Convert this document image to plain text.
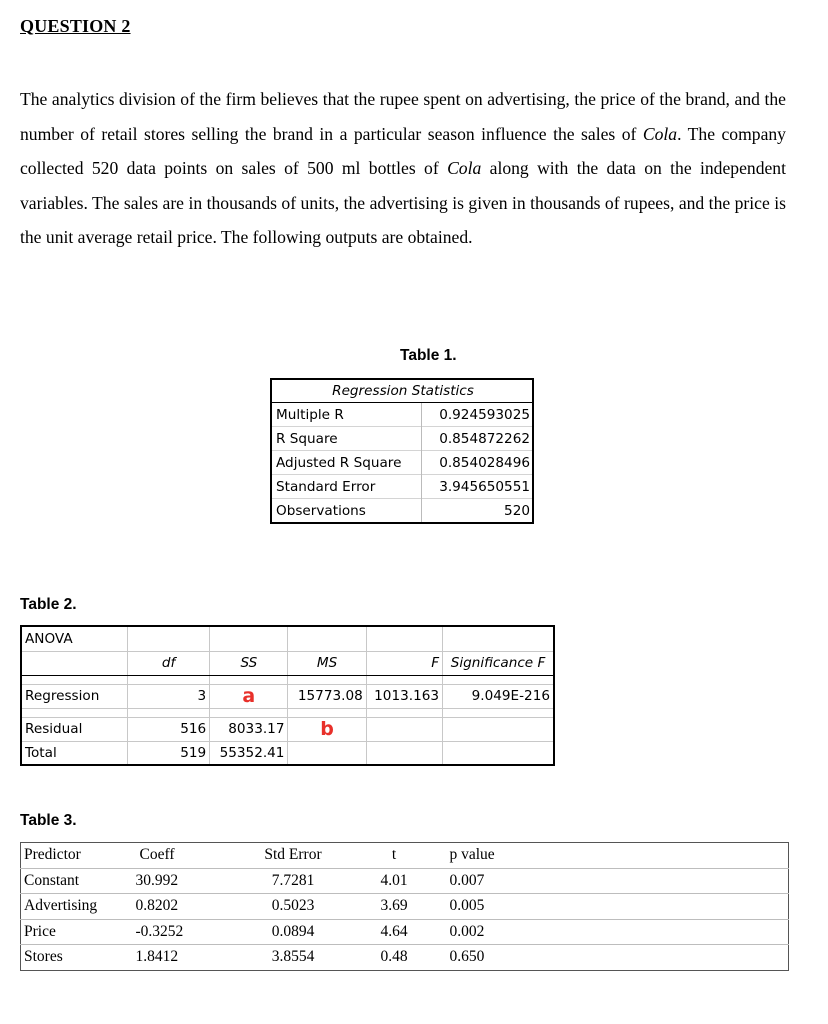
QUESTION 2

The analytics division of the firm believes that the rupee spent on advertising, the price of the brand, and the number of retail stores selling the brand in a particular season influence the sales of Cola. The company collected 520 data points on sales of 500 ml bottles of Cola along with the data on the independent variables. The sales are in thousands of units, the advertising is given in thousands of rupees, and the price is the unit average retail price. The following outputs are obtained.

Table 1.
Regression Statistics	
Multiple R	0.924593025
R Square	0.854872262
Adjusted R Square	0.854028496
Standard Error	3.945650551
Observations	520
Table 2.
ANOVA					
	df	SS	MS	F	Significance F

Regression	3	a	15773.08	1013.163	9.049E-216

Residual	516	8033.17	b		
Total	519	55352.41			
Table 3.
Predictor	Coeff	Std Error	t	p value
Constant	30.992	7.7281	4.01	0.007
Advertising	0.8202	0.5023	3.69	0.005
Price	-0.3252	0.0894	4.64	0.002
Stores	1.8412	3.8554	0.48	0.650
